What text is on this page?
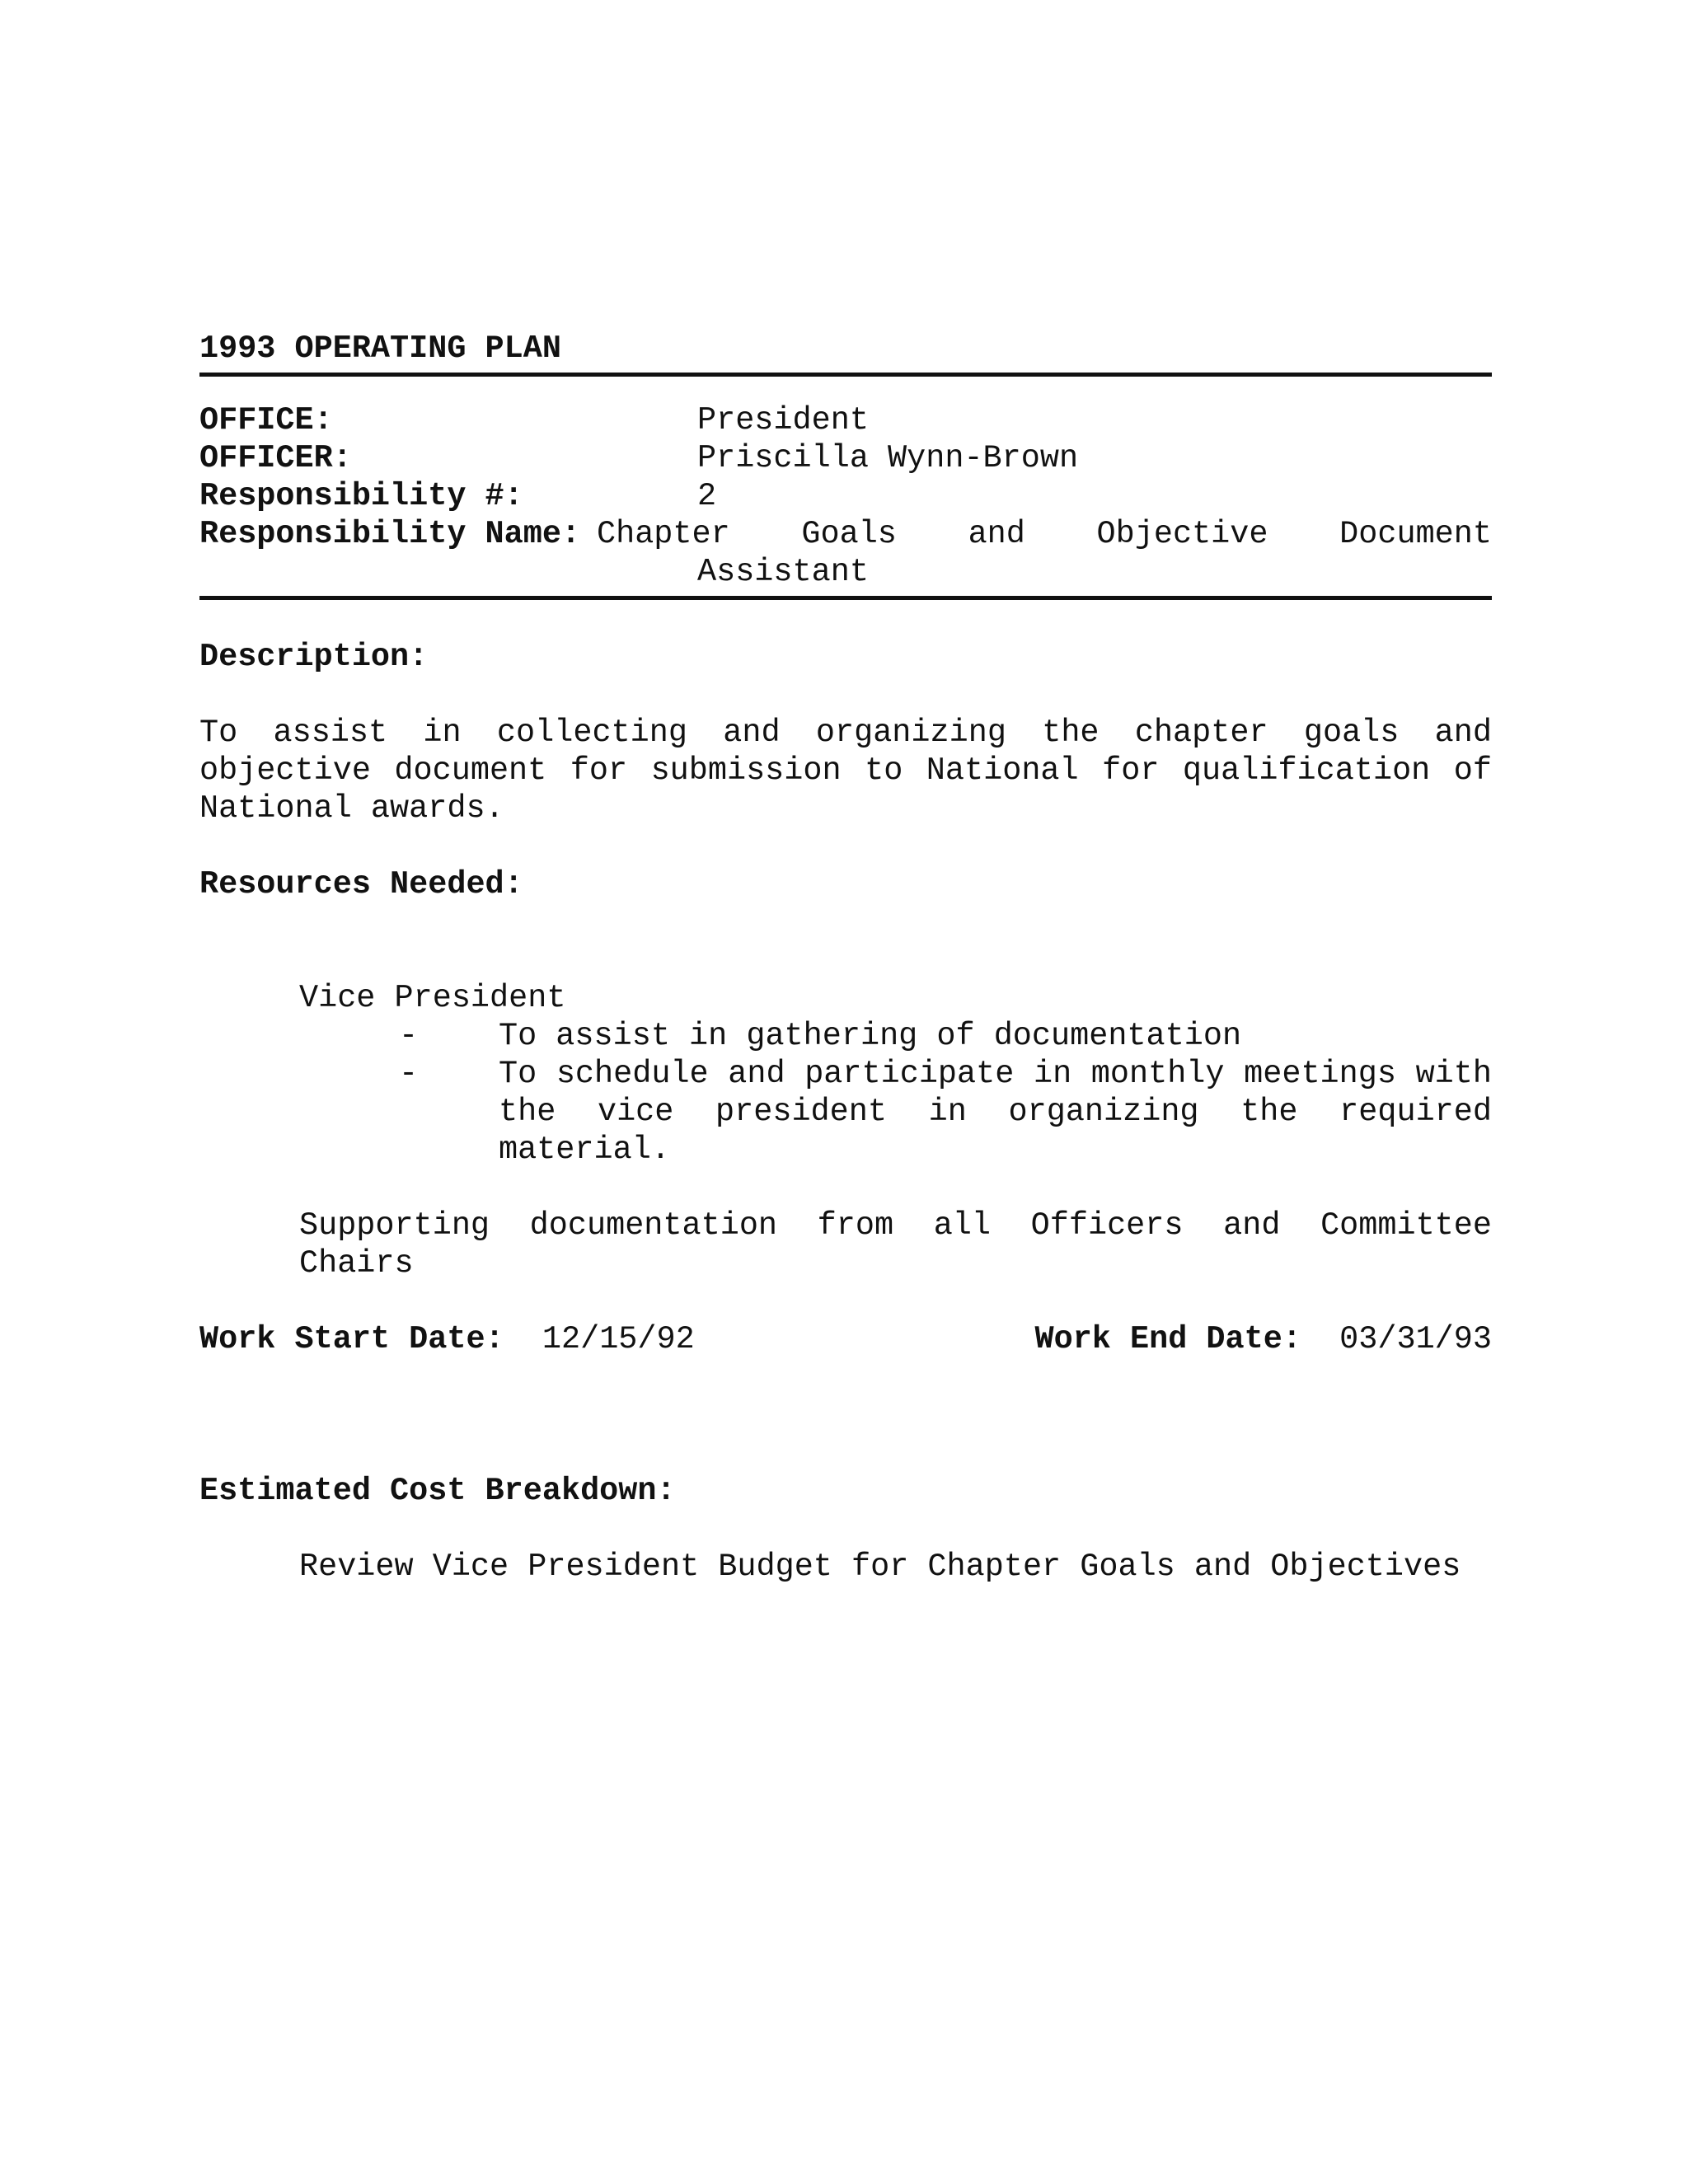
1993 OPERATING PLAN
OFFICE:	President
OFFICER:	Priscilla Wynn-Brown
Responsibility #:	2
Responsibility Name: Chapter Goals and Objective Document
Assistant
Description:
To assist in collecting and organizing the chapter goals and
objective document for submission to National for qualification of
National awards.
Resources Needed:
Vice President
-	To assist in gathering of documentation
-	To schedule and participate in monthly meetings with the vice president in organizing the required material.
Supporting documentation from all Officers and Committee
Chairs
Work Start Date: 12/15/92	Work End Date: 03/31/93
Estimated Cost Breakdown:
Review Vice President Budget for Chapter Goals and Objectives
